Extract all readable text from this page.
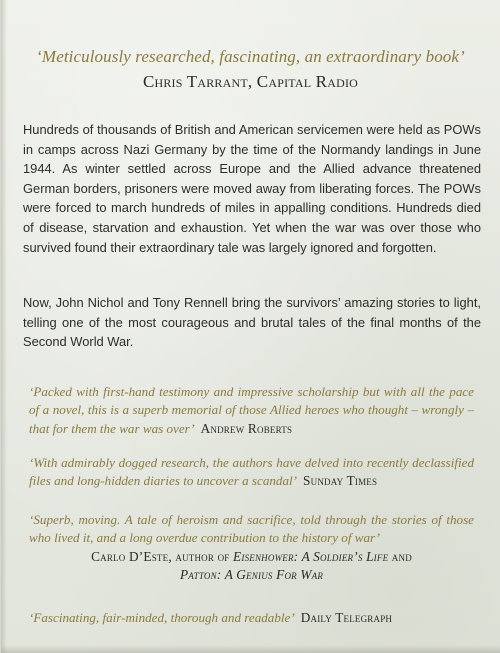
‘Meticulously researched, fascinating, an extraordinary book’
Chris Tarrant, Capital Radio
Hundreds of thousands of British and American servicemen were held as POWs in camps across Nazi Germany by the time of the Normandy landings in June 1944. As winter settled across Europe and the Allied advance threatened German borders, prisoners were moved away from liberating forces. The POWs were forced to march hundreds of miles in appalling conditions. Hundreds died of disease, starvation and exhaustion. Yet when the war was over those who survived found their extraordinary tale was largely ignored and forgotten.
Now, John Nichol and Tony Rennell bring the survivors’ amazing stories to light, telling one of the most courageous and brutal tales of the final months of the Second World War.
‘Packed with first-hand testimony and impressive scholarship but with all the pace of a novel, this is a superb memorial of those Allied heroes who thought – wrongly – that for them the war was over’ Andrew Roberts
‘With admirably dogged research, the authors have delved into recently declassified files and long-hidden diaries to uncover a scandal’ Sunday Times
‘Superb, moving. A tale of heroism and sacrifice, told through the stories of those who lived it, and a long overdue contribution to the history of war’
Carlo D’Este, author of Eisenhower: A Soldier’s Life and
Patton: A Genius For War
‘Fascinating, fair-minded, thorough and readable’ Daily Telegraph
